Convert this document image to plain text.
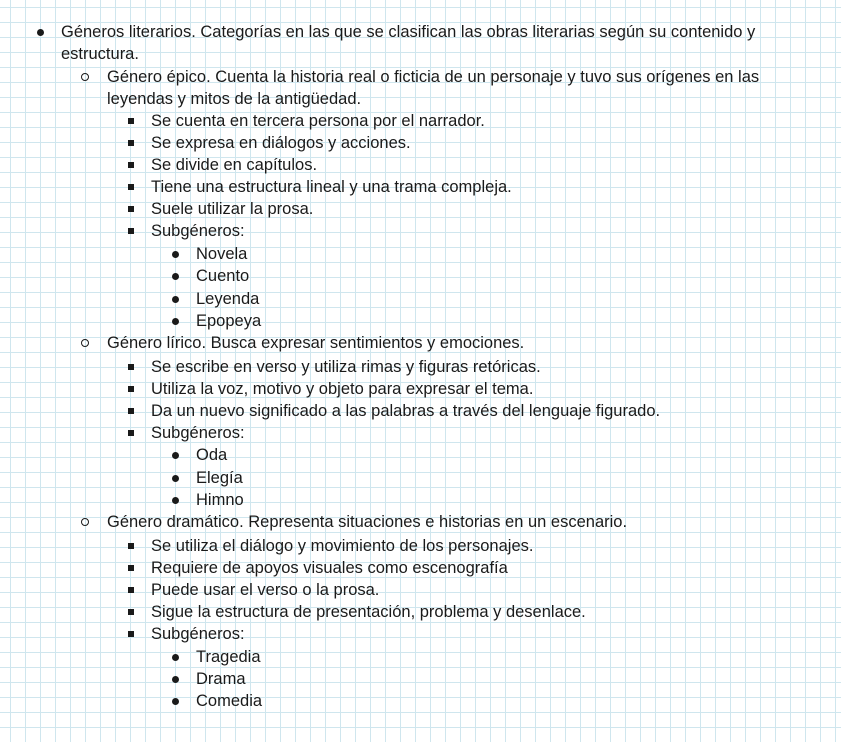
Géneros literarios. Categorías en las que se clasifican las obras literarias según su contenido y estructura.
Género épico. Cuenta la historia real o ficticia de un personaje y tuvo sus orígenes en las leyendas y mitos de la antigüedad.
Se cuenta en tercera persona por el narrador.
Se expresa en diálogos y acciones.
Se divide en capítulos.
Tiene una estructura lineal y una trama compleja.
Suele utilizar la prosa.
Subgéneros:
Novela
Cuento
Leyenda
Epopeya
Género lírico. Busca expresar sentimientos y emociones.
Se escribe en verso y utiliza rimas y figuras retóricas.
Utiliza la voz, motivo y objeto para expresar el tema.
Da un nuevo significado a las palabras a través del lenguaje figurado.
Subgéneros:
Oda
Elegía
Himno
Género dramático. Representa situaciones e historias en un escenario.
Se utiliza el diálogo y movimiento de los personajes.
Requiere de apoyos visuales como escenografía
Puede usar el verso o la prosa.
Sigue la estructura de presentación, problema y desenlace.
Subgéneros:
Tragedia
Drama
Comedia
